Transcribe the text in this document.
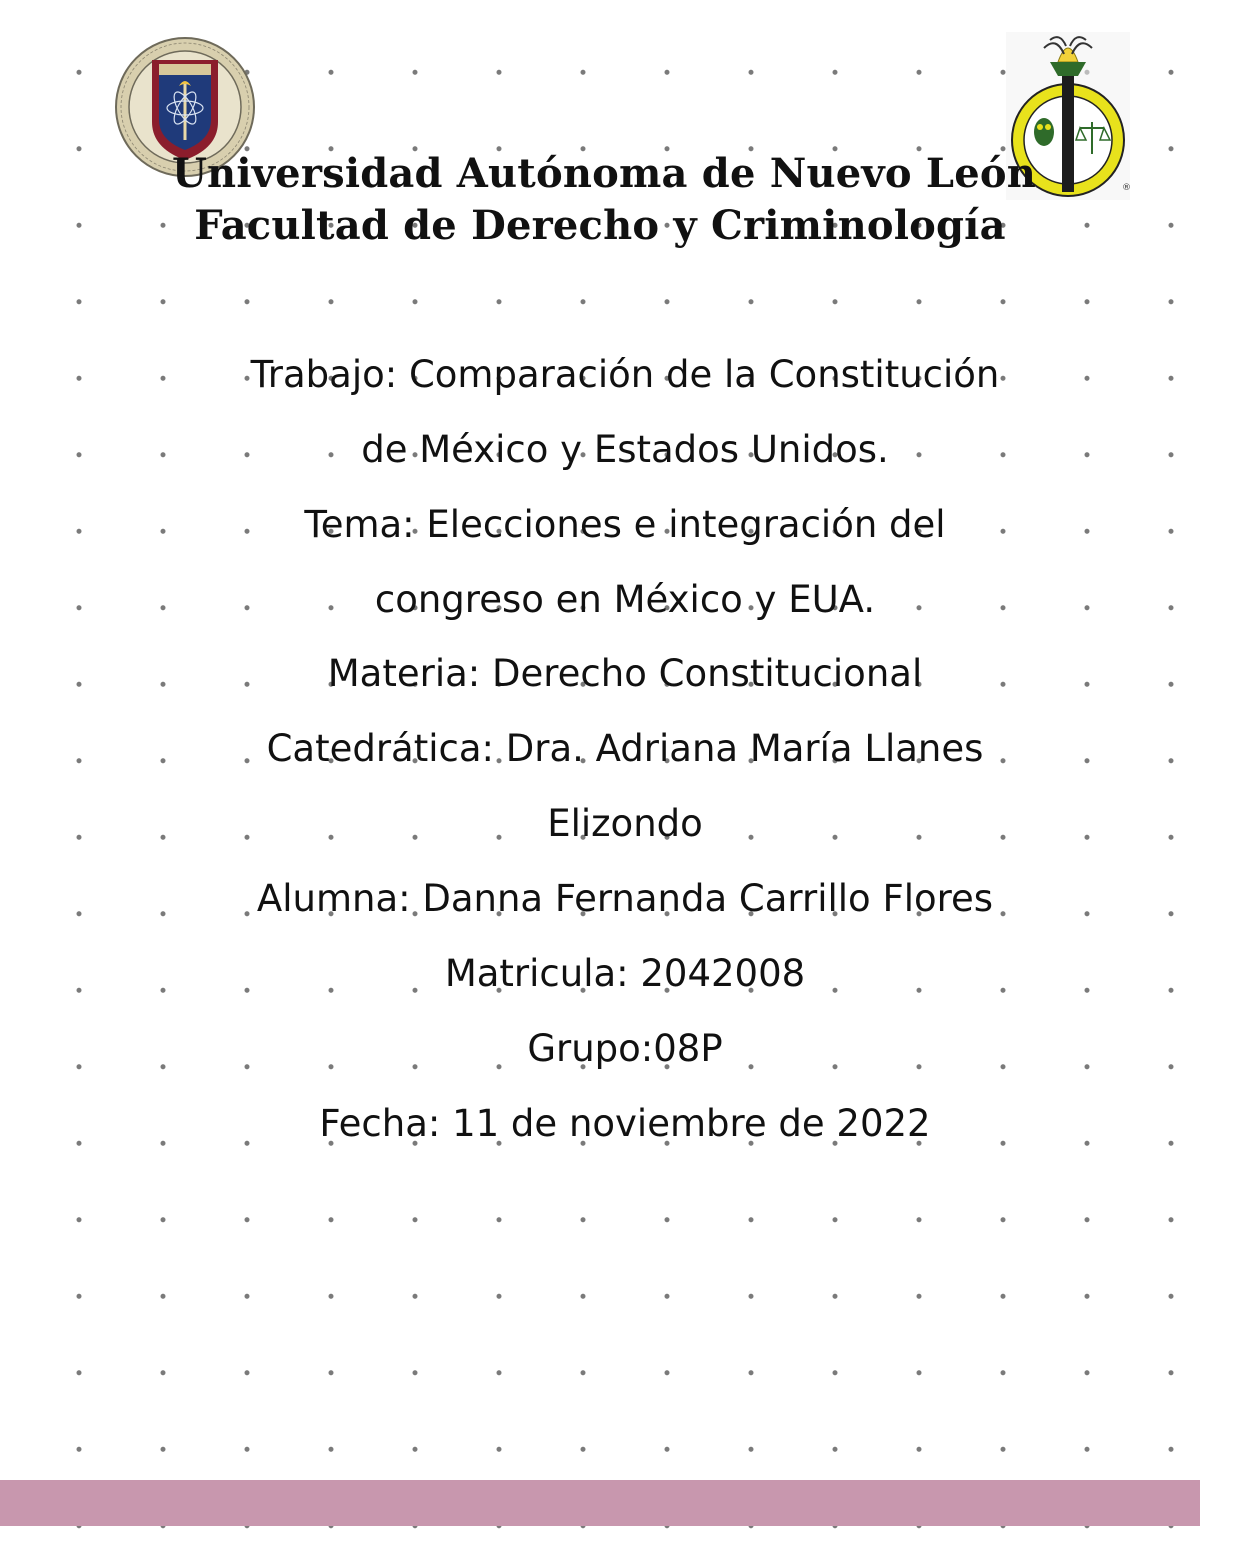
®
Universidad Autónoma de Nuevo León
Facultad de Derecho y Criminología

Trabajo: Comparación de la Constitución

de México y Estados Unidos.

Tema: Elecciones e integración del

congreso en México y EUA.

Materia: Derecho Constitucional

Catedrática: Dra. Adriana María Llanes

Elizondo

Alumna: Danna Fernanda Carrillo Flores

Matricula: 2042008

Grupo:08P

Fecha: 11 de noviembre de 2022
